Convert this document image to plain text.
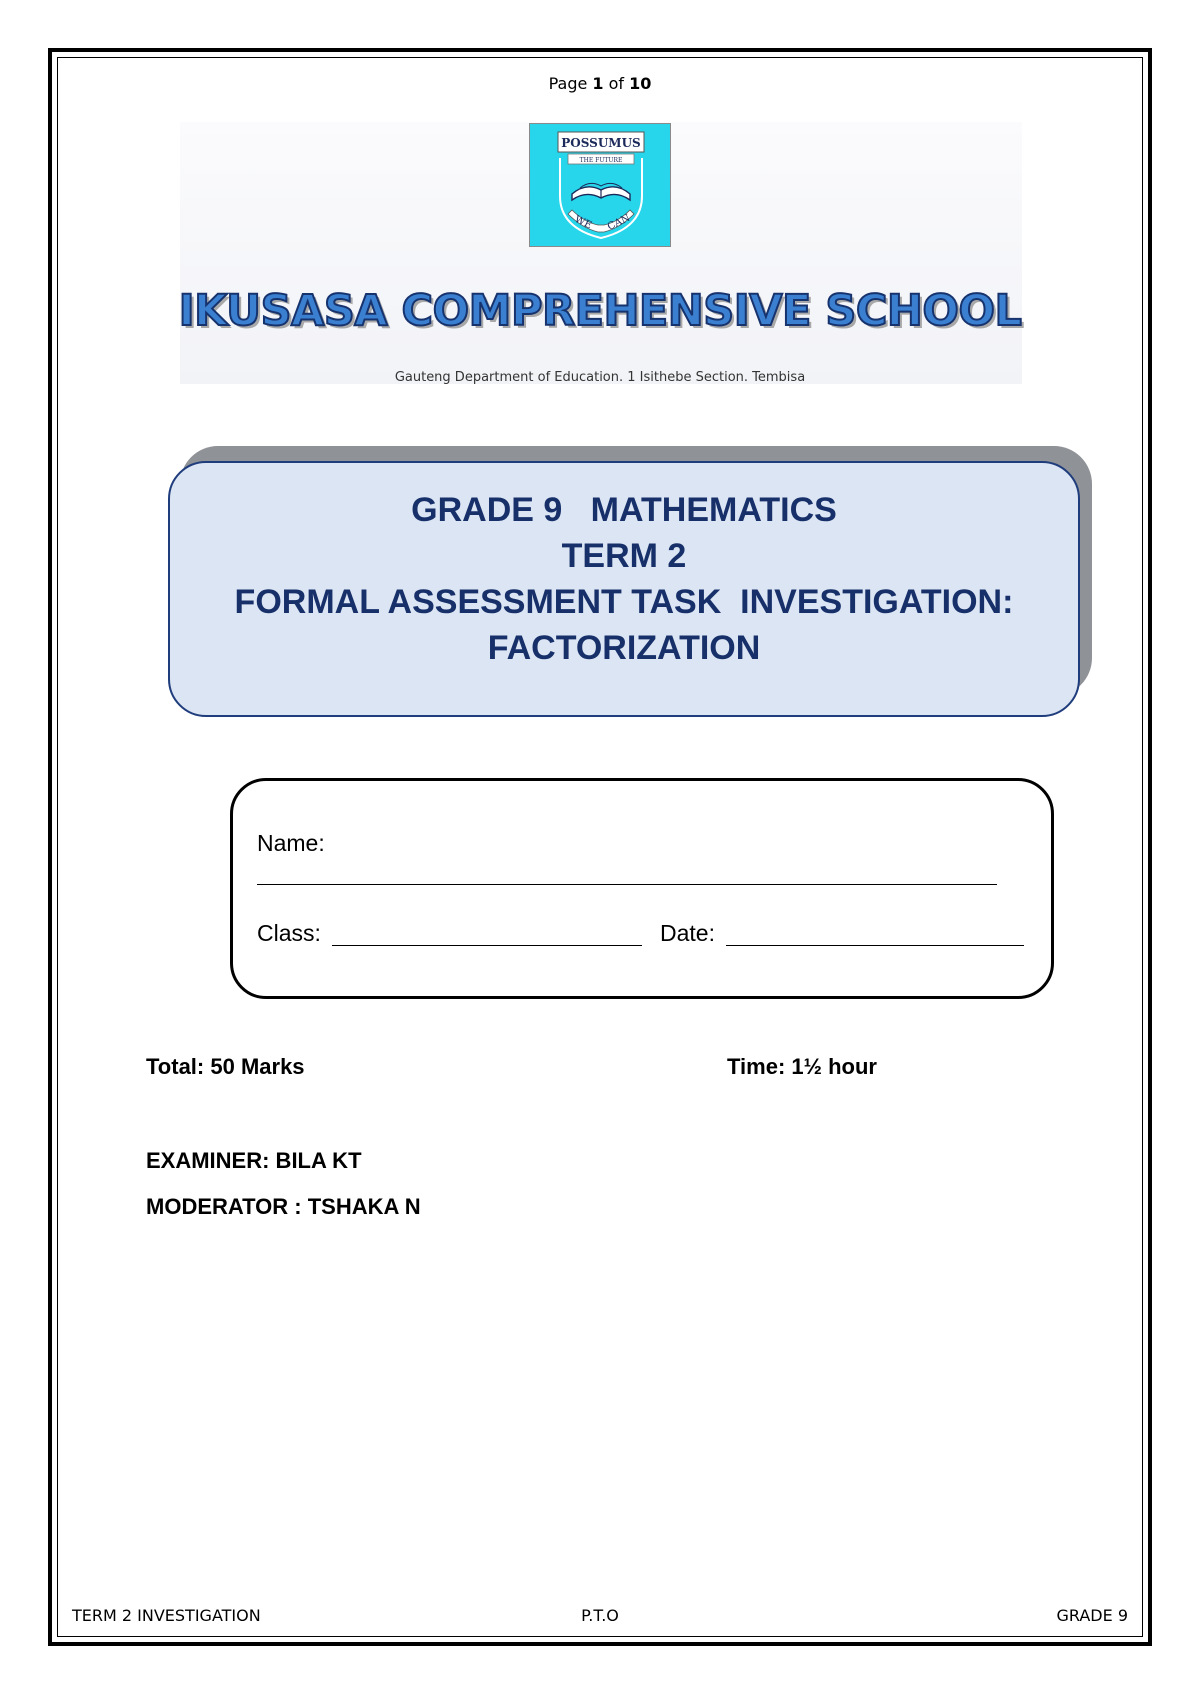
Page 1 of 10
POSSUMUS
THE FUTURE
WE CAN
IKUSASA COMPREHENSIVE SCHOOL
Gauteng Department of Education. 1 Isithebe Section. Tembisa
GRADE 9   MATHEMATICS
TERM 2
FORMAL ASSESSMENT TASK  INVESTIGATION:
FACTORIZATION
Name:
Class:	Date:
Total: 50 Marks	Time: 1½ hour
EXAMINER: BILA KT
MODERATOR : TSHAKA N
TERM 2 INVESTIGATION	P.T.O	GRADE 9
